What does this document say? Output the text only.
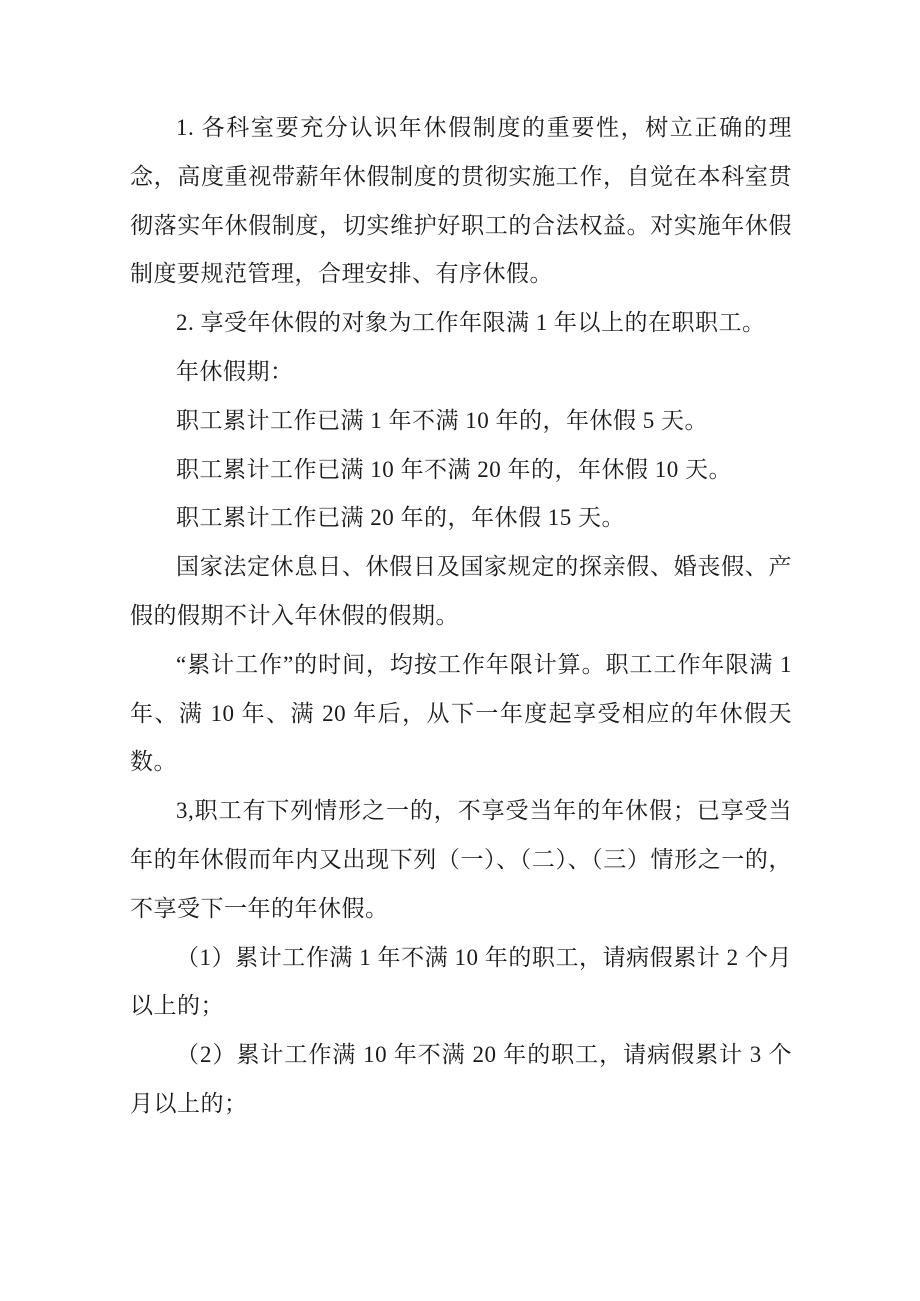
1. 各科室要充分认识年休假制度的重要性，树立正确的理念，高度重视带薪年休假制度的贯彻实施工作，自觉在本科室贯彻落实年休假制度，切实维护好职工的合法权益。对实施年休假制度要规范管理，合理安排、有序休假。

2. 享受年休假的对象为工作年限满 1 年以上的在职职工。

年休假期：

职工累计工作已满 1 年不满 10 年的，年休假 5 天。

职工累计工作已满 10 年不满 20 年的，年休假 10 天。

职工累计工作已满 20 年的，年休假 15 天。

国家法定休息日、休假日及国家规定的探亲假、婚丧假、产假的假期不计入年休假的假期。

“累计工作”的时间，均按工作年限计算。职工工作年限满 1 年、满 10 年、满 20 年后，从下一年度起享受相应的年休假天数。

3,职工有下列情形之一的，不享受当年的年休假；已享受当年的年休假而年内又出现下列（一）、（二）、（三）情形之一的，不享受下一年的年休假。

（1）累计工作满 1 年不满 10 年的职工，请病假累计 2 个月以上的；

（2）累计工作满 10 年不满 20 年的职工，请病假累计 3 个月以上的；
